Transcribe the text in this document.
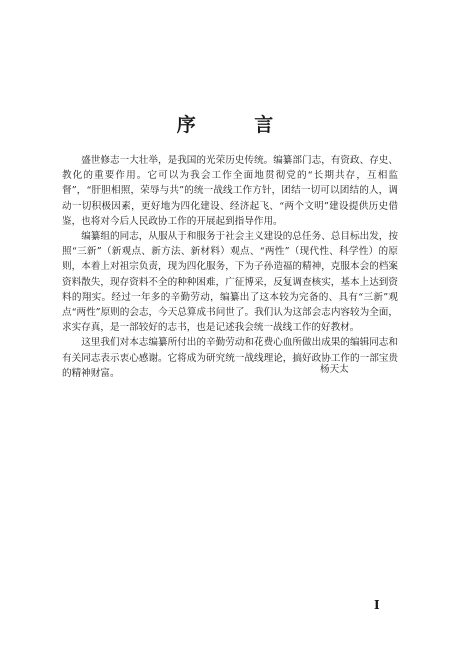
序 言

盛世修志一大壮举，是我国的光荣历史传统。编纂部门志，有资政、存史、教化的重要作用。它可以为我会工作全面地贯彻党的“长期共存，互相监督”，“肝胆相照，荣辱与共”的统一战线工作方针，团结一切可以团结的人，调动一切积极因素，更好地为四化建设、经济起飞、“两个文明”建设提供历史借鉴，也将对今后人民政协工作的开展起到指导作用。

编纂组的同志，从服从于和服务于社会主义建设的总任务、总目标出发，按照“三新”（新观点、新方法、新材料）观点、“两性”（现代性、科学性）的原则，本着上对祖宗负责，现为四化服务，下为子孙造福的精神，克服本会的档案资料散失，现存资料不全的种种困难，广征博采，反复调查核实，基本上达到资料的翔实。经过一年多的辛勤劳动，编纂出了这本较为完备的、具有“三新”观点“两性”原则的会志，今天总算成书问世了。我们认为这部会志内容较为全面，求实存真，是一部较好的志书，也是记述我会统一战线工作的好教材。

这里我们对本志编纂所付出的辛勤劳动和花费心血所做出成果的编辑同志和有关同志表示衷心感谢。它将成为研究统一战线理论，搞好政协工作的一部宝贵的精神财富。	杨天太
I
